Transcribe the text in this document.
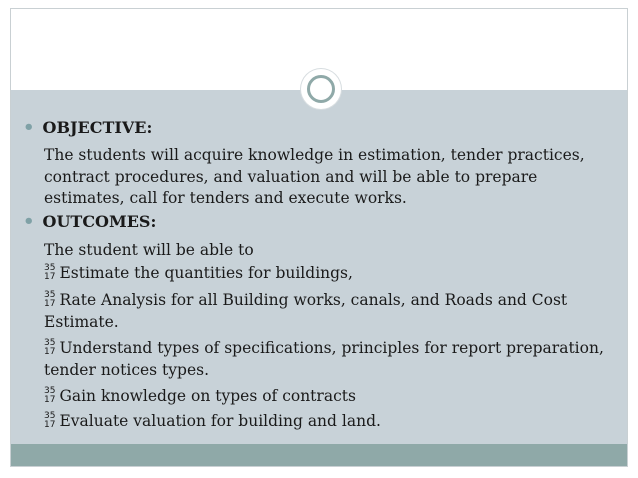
• OBJECTIVE:
The students will acquire knowledge in estimation, tender practices, contract procedures, and valuation and will be able to prepare estimates, call for tenders and execute works.
• OUTCOMES:
The student will be able to
35
17 Estimate the quantities for buildings,
35
17 Rate Analysis for all Building works, canals, and Roads and Cost Estimate.
35
17 Understand types of specifications, principles for report preparation, tender notices types.
35
17 Gain knowledge on types of contracts
35
17 Evaluate valuation for building and land.
